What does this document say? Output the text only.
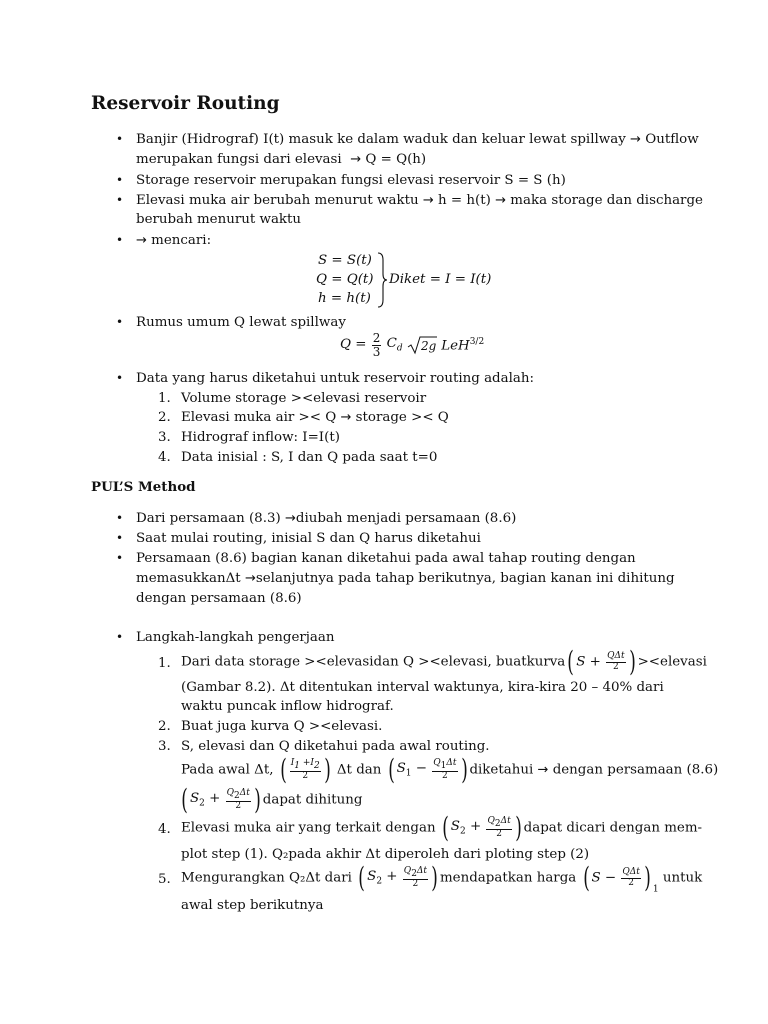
Reservoir Routing
• Banjir (Hidrograf) I(t) masuk ke dalam waduk dan keluar lewat spillway → Outflow
merupakan fungsi dari elevasi → Q = Q(h)
• Storage reservoir merupakan fungsi elevasi reservoir S = S (h)
• Elevasi muka air berubah menurut waktu → h = h(t) → maka storage dan discharge
berubah menurut waktu
• → mencari:
S = S(t)
Q = Q(t)
h = h(t)
Diket = I = I(t)
• Rumus umum Q lewat spillway
$Q = \frac{2}{3} C_d$ 2g LeH$^{3/2}$
• Data yang harus diketahui untuk reservoir routing adalah:
1. Volume storage ><elevasi reservoir
2. Elevasi muka air >< Q → storage >< Q
3. Hidrograf inflow: I=I(t)
4. Data inisial : S, I dan Q pada saat t=0
PUL’S Method
• Dari persamaan (8.3) →diubah menjadi persamaan (8.6)
• Saat mulai routing, inisial S dan Q harus diketahui
• Persamaan (8.6) bagian kanan diketahui pada awal tahap routing dengan
memasukkanΔt →selanjutnya pada tahap berikutnya, bagian kanan ini dihitung
dengan persamaan (8.6)
• Langkah-langkah pengerjaan
1. Dari data storage ><elevasidan Q ><elevasi, buatkurva( $S + \frac{\text{QΔt}}{2}$ ) ><elevasi
(Gambar 8.2). Δt ditentukan interval waktunya, kira-kira 20 – 40% dari
waktu puncak inflow hidrograf.
2. Buat juga kurva Q ><elevasi.
3. S, elevasi dan Q diketahui pada awal routing.
Pada awal Δt, ( $\frac{I1 +I2}{2}$ ) Δt dan ( $S_1 - \frac{Q1\Delta t}{2}$ ) diketahui → dengan persamaan (8.6)
( $S_2 + \frac{Q2\Delta t}{2}$ ) dapat dihitung
4. Elevasi muka air yang terkait dengan ( $S_2 + \frac{Q2\Delta t}{2}$ ) dapat dicari dengan mem-
plot step (1). Q₂pada akhir Δt diperoleh dari ploting step (2)
5. Mengurangkan Q₂Δt dari ( $S_2 + \frac{Q2\Delta t}{2}$ ) mendapatkan harga ( $S - \frac{\text{QΔt}}{2}$ ) $_1$ untuk
awal step berikutnya
